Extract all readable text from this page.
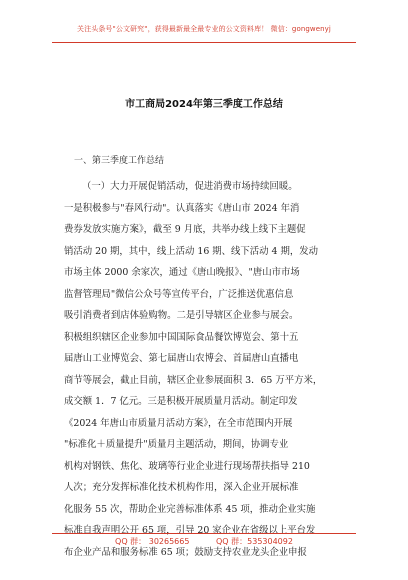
关注头条号"公文研究"，获得最新最全最专业的公文资料库！ 微信：gongwenyj
市工商局2024年第三季度工作总结
一、第三季度工作总结
（一）大力开展促销活动，促进消费市场持续回暖。
一是积极参与"春风行动"。认真落实《唐山市 2024 年消
费券发放实施方案》，截至 9 月底，共举办线上线下主题促
销活动 20 期，其中，线上活动 16 期、线下活动 4 期，发动
市场主体 2000 余家次，通过《唐山晚报》、"唐山市市场
监督管理局"微信公众号等宣传平台，广泛推送优惠信息
吸引消费者到店体验购物。二是引导辖区企业参与展会。
积极组织辖区企业参加中国国际食品餐饮博览会、第十五
届唐山工业博览会、第七届唐山农博会、首届唐山直播电
商节等展会，截止目前，辖区企业参展面积 3．65 万平方米，
成交额 1．7 亿元。三是积极开展质量月活动。制定印发
《2024 年唐山市质量月活动方案》，在全市范围内开展
"标准化＋质量提升"质量月主题活动，期间，协调专业
机构对钢铁、焦化、玻璃等行业企业进行现场帮扶指导 210
人次；充分发挥标准化技术机构作用，深入企业开展标准
化服务 55 次，帮助企业完善标准体系 45 项，推动企业实施
标准自我声明公开 65 项，引导 20 家企业在省级以上平台发
布企业产品和服务标准 65 项；鼓励支持农业龙头企业申报
QQ 群： 30265665	QQ 群：535304092
